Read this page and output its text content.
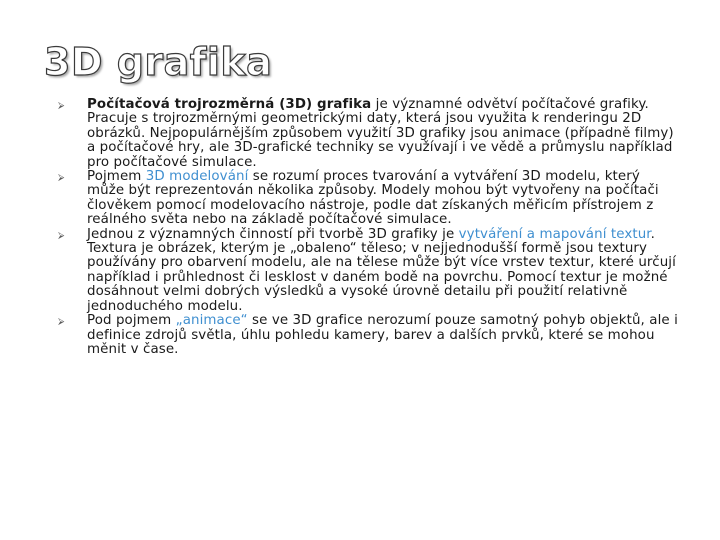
3D grafika
⮚ Počítačová trojrozměrná (3D) grafika je významné odvětví počítačové grafiky. Pracuje s trojrozměrnými geometrickými daty, která jsou využita k renderingu 2D obrázků. Nejpopulárnějším způsobem využití 3D grafiky jsou animace (případně filmy) a počítačové hry, ale 3D-grafické techniky se využívají i ve vědě a průmyslu například pro počítačové simulace.
⮚ Pojmem 3D modelování se rozumí proces tvarování a vytváření 3D modelu, který může být reprezentován několika způsoby. Modely mohou být vytvořeny na počítači člověkem pomocí modelovacího nástroje, podle dat získaných měřicím přístrojem z reálného světa nebo na základě počítačové simulace.
⮚ Jednou z významných činností při tvorbě 3D grafiky je vytváření a mapování textur. Textura je obrázek, kterým je „obaleno“ těleso; v nejjednodušší formě jsou textury používány pro obarvení modelu, ale na tělese může být více vrstev textur, které určují například i průhlednost či lesklost v daném bodě na povrchu. Pomocí textur je možné dosáhnout velmi dobrých výsledků a vysoké úrovně detailu při použití relativně jednoduchého modelu.
⮚ Pod pojmem „animace“ se ve 3D grafice nerozumí pouze samotný pohyb objektů, ale i definice zdrojů světla, úhlu pohledu kamery, barev a dalších prvků, které se mohou měnit v čase.
